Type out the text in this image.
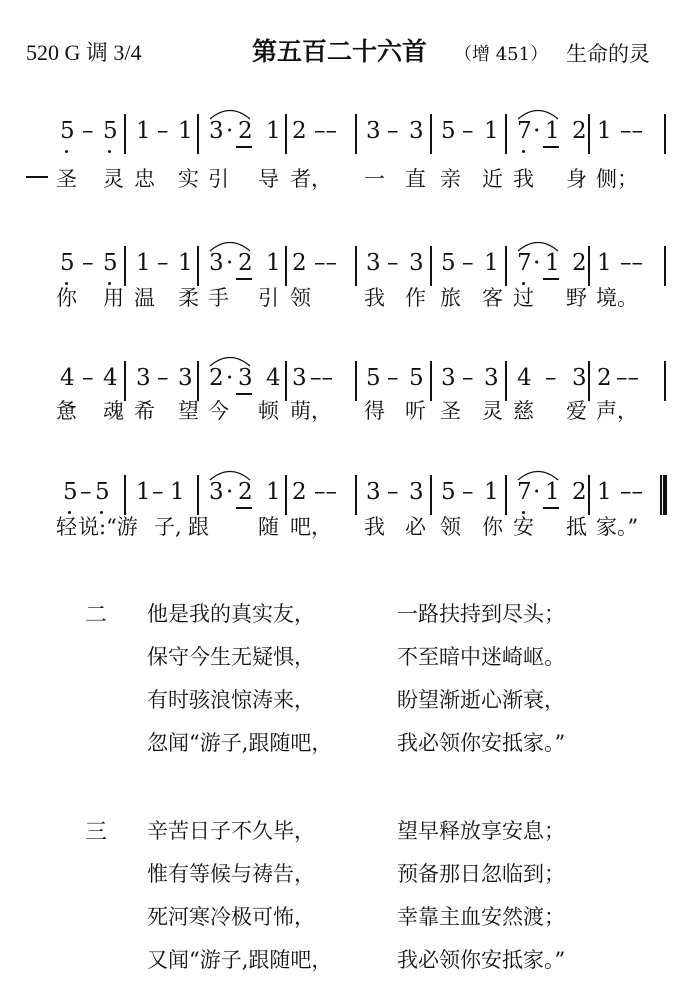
520 G 调 3/4	第五百二十六首 （增 451） 生命的灵
5 – 5 1 – 1 3 · 2 1 2 –– 3 – 3 5 – 1 7 · 1 2 1 ––
5 – 5 1 – 1 3 · 2 1 2 –– 3 – 3 5 – 1 7 · 1 2 1 ––
4 – 4 3 – 3 2 · 3 4 3 –– 5 – 5 3 – 3 4 – 3 2 ––
5 – 5 1 – 1 3 · 2 1 2 –– 3 – 3 5 – 1 7 · 1 2 1 ––
圣 灵 忠 实 引 导 者， 一 直 亲 近 我 身 侧；
你 用 温 柔 手 引 领	我 作 旅 客 过 野 境。
惫 魂 希 望 今 顿 萌， 得 听 圣 灵 慈 爱 声，
轻 说:“游 子, 跟 随 吧， 我 必 领 你 安 抵 家。”
二 他是我的真实友，	一路扶持到尽头；
保守今生无疑惧，	不至暗中迷崎岖。
有时骇浪惊涛来，	盼望渐逝心渐衰，
忽闻“游子,跟随吧，	我必领你安抵家。”
三 辛苦日子不久毕，	望早释放享安息；
惟有等候与祷告，	预备那日忽临到；
死河寒冷极可怖，	幸靠主血安然渡；
又闻“游子,跟随吧，	我必领你安抵家。”
